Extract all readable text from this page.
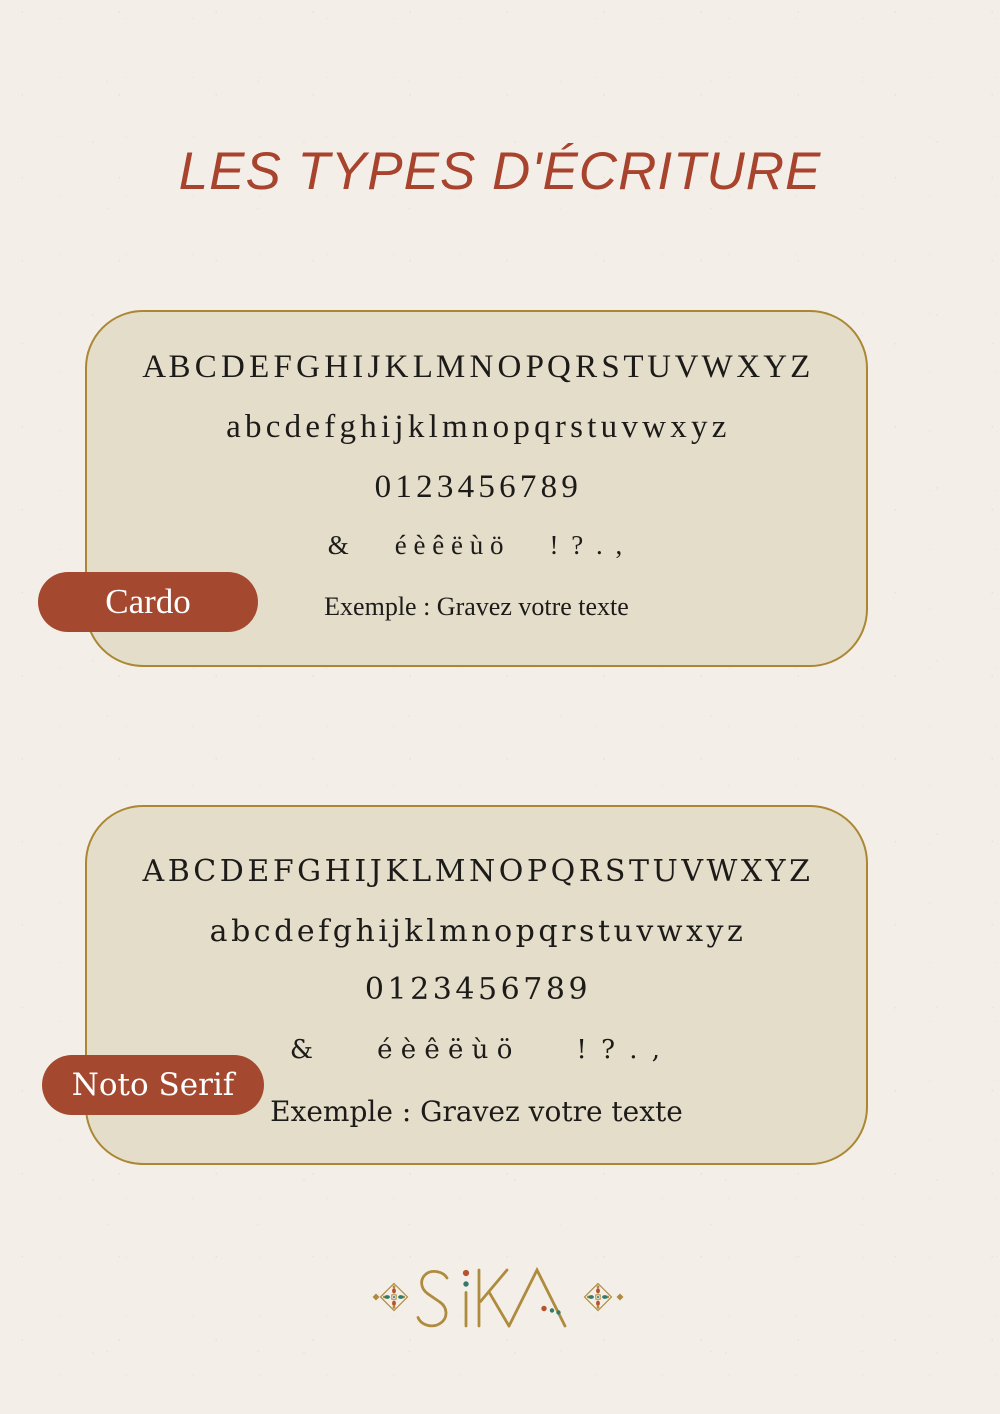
LES TYPES D'ÉCRITURE
A B C D E F G H I J K L M N O P Q R S T U V W X Y Z
a b c d e f g h i j k l m n o p q r s t u v w x y z
0 1 2 3 4 5 6 7 8 9
& é è ê ë ù ö ! ? . ,
Exemple : Gravez votre texte
Cardo
A B C D E F G H I J K L M N O P Q R S T U V W X Y Z
a b c d e f g h i j k l m n o p q r s t u v w x y z
0 1 2 3 4 5 6 7 8 9
& é è ê ë ù ö ! ? . ,
Exemple : Gravez votre texte
Noto Serif
